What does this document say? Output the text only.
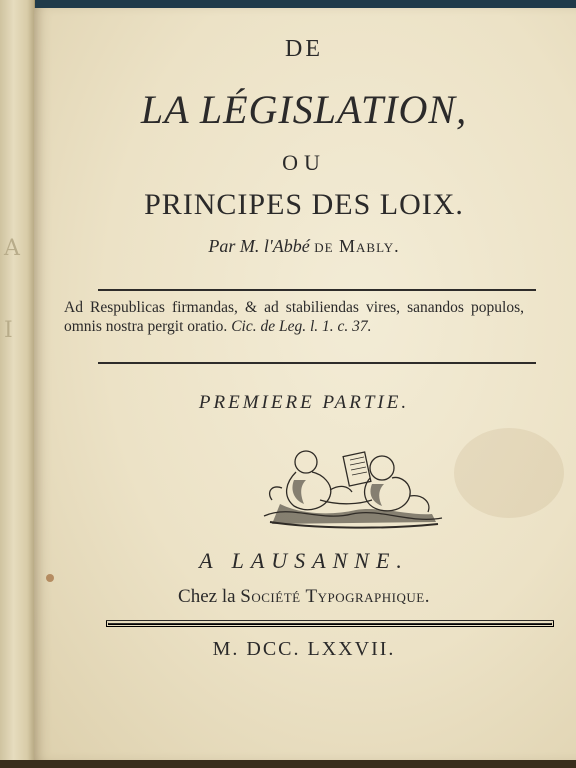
A
I
DE
LA LÉGISLATION,
OU
PRINCIPES DES LOIX.
Par M. l'Abbé de Mably.
Ad Respublicas firmandas, & ad stabiliendas vires, sanandos populos, omnis nostra pergit oratio. Cic. de Leg. l. 1. c. 37.
PREMIERE PARTIE.
A LAUSANNE.
Chez la Société Typographique.
M. DCC. LXXVII.
